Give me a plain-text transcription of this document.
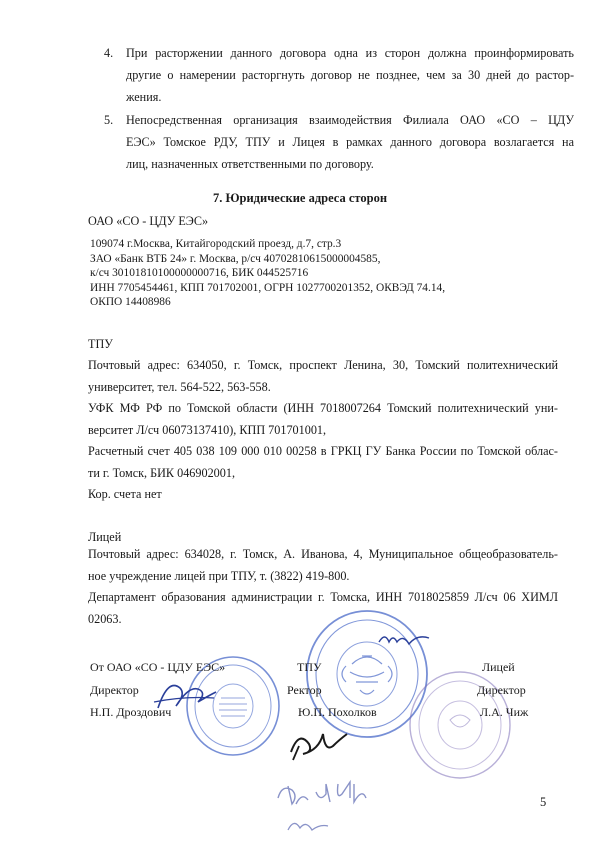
4. При расторжении данного договора одна из сторон должна проинформировать
другие о намерении расторгнуть договор не позднее, чем за 30 дней до растор-
жения.
5. Непосредственная организация взаимодействия Филиала ОАО «СО – ЦДУ
ЕЭС» Томское РДУ, ТПУ и Лицея в рамках данного договора возлагается на
лиц, назначенных ответственными по договору.
7. Юридические адреса сторон
ОАО «СО - ЦДУ ЕЭС»
109074 г.Москва, Китайгородский проезд, д.7, стр.3
ЗАО «Банк ВТБ 24» г. Москва, р/сч 40702810615000004585,
к/сч 30101810100000000716, БИК 044525716
ИНН 7705454461, КПП 701702001, ОГРН 1027700201352, ОКВЭД 74.14,
ОКПО 14408986
ТПУ
Почтовый адрес: 634050, г. Томск, проспект Ленина, 30, Томский политехнический
университет, тел. 564-522, 563-558.
УФК МФ РФ по Томской области (ИНН 7018007264 Томский политехнический уни-
верситет Л/сч 06073137410), КПП 701701001,
Расчетный счет 405 038 109 000 010 00258 в ГРКЦ ГУ Банка России по Томской облас-
ти г. Томск, БИК 046902001,
Кор. счета нет
Лицей
Почтовый адрес: 634028, г. Томск, А. Иванова, 4, Муниципальное общеобразователь-
ное учреждение лицей при ТПУ, т. (3822) 419-800.
Департамент образования администрации г. Томска, ИНН 7018025859 Л/сч 06 ХИМЛ
02063.
От ОАО «СО - ЦДУ ЕЭС»
Директор
Н.П. Дроздович
ТПУ
Ректор
Ю.П. Похолков
Лицей
Директор
Л.А. Чиж
5
